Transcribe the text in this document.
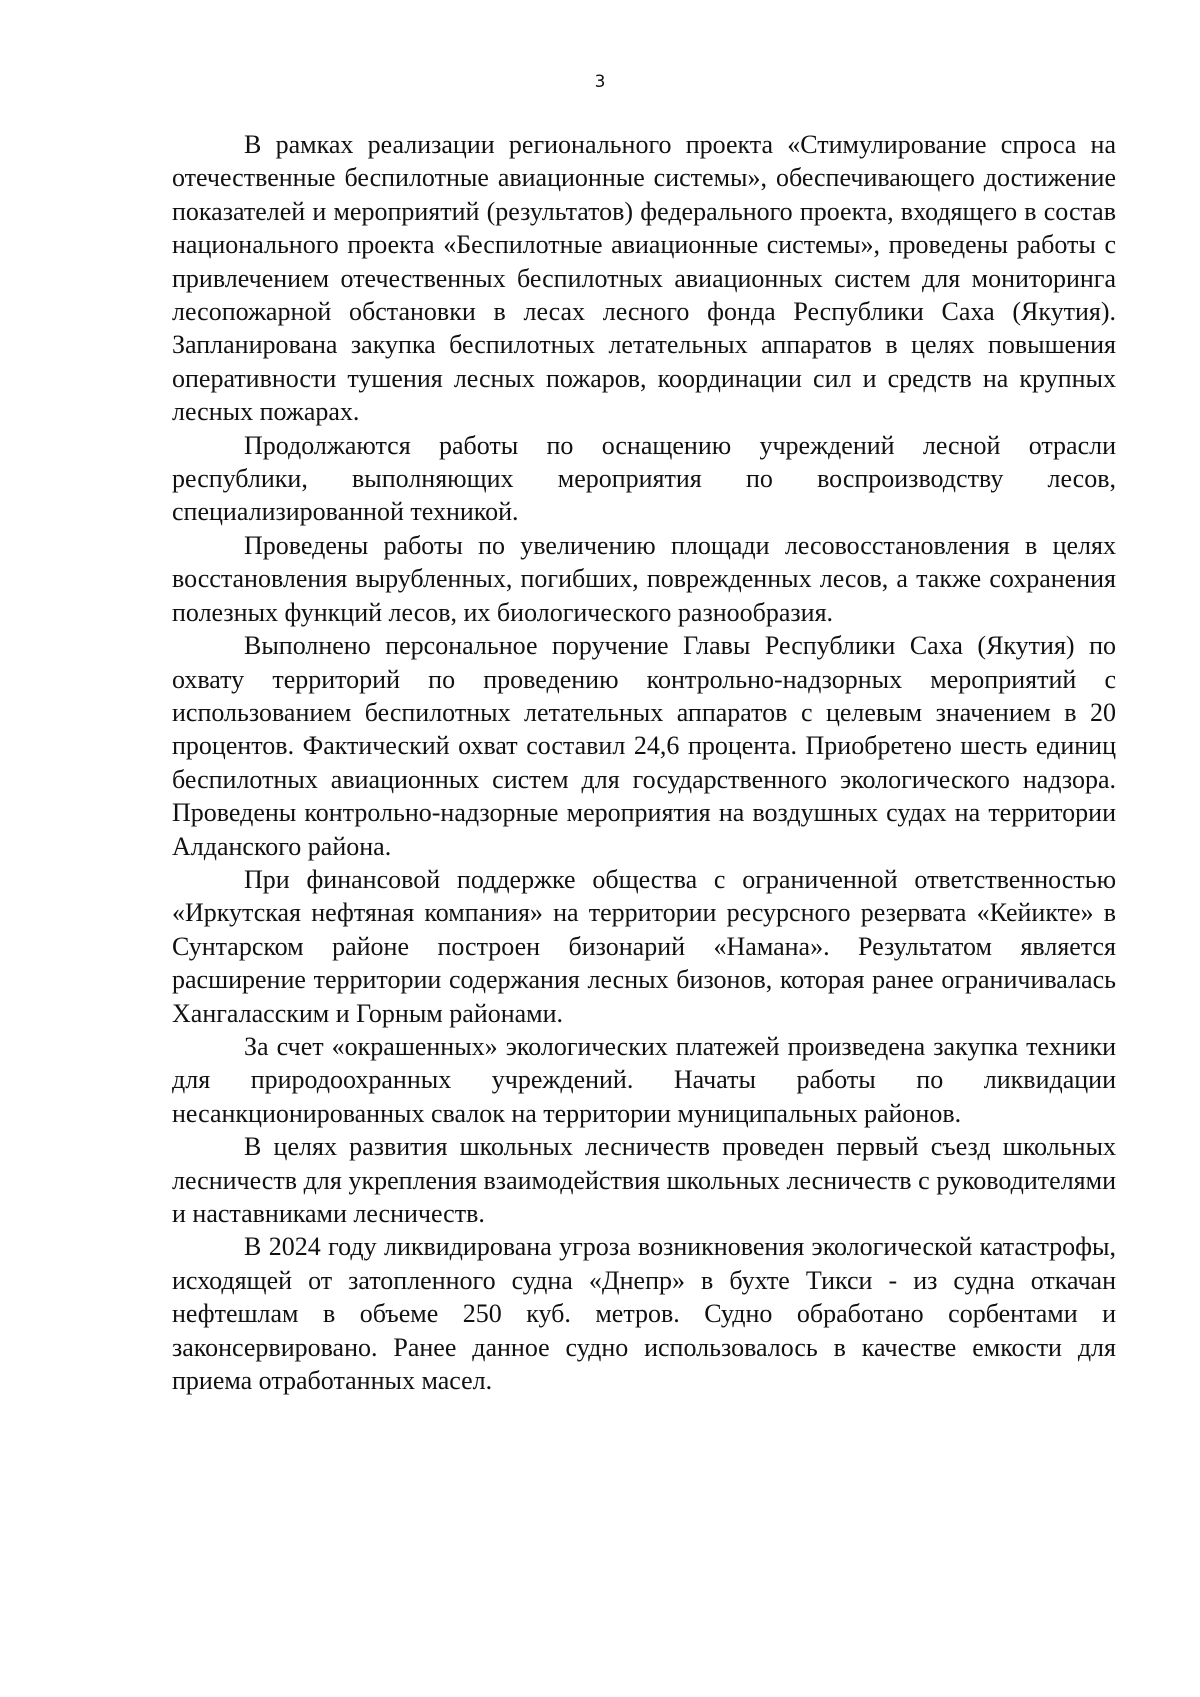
3

В рамках реализации регионального проекта «Стимулирование спроса на отечественные беспилотные авиационные системы», обеспечивающего достижение показателей и мероприятий (результатов) федерального проекта, входящего в состав национального проекта «Беспилотные авиационные системы», проведены работы с привлечением отечественных беспилотных авиационных систем для мониторинга лесопожарной обстановки в лесах лесного фонда Республики Саха (Якутия). Запланирована закупка беспилотных летательных аппаратов в целях повышения оперативности тушения лесных пожаров, координации сил и средств на крупных лесных пожарах.

Продолжаются работы по оснащению учреждений лесной отрасли республики, выполняющих мероприятия по воспроизводству лесов, специализированной техникой.

Проведены работы по увеличению площади лесовосстановления в целях восстановления вырубленных, погибших, поврежденных лесов, а также сохранения полезных функций лесов, их биологического разнообразия.

Выполнено персональное поручение Главы Республики Саха (Якутия) по охвату территорий по проведению контрольно-надзорных мероприятий с использованием беспилотных летательных аппаратов с целевым значением в 20 процентов. Фактический охват составил 24,6 процента. Приобретено шесть единиц беспилотных авиационных систем для государственного экологического надзора. Проведены контрольно-надзорные мероприятия на воздушных судах на территории Алданского района.

При финансовой поддержке общества с ограниченной ответственностью «Иркутская нефтяная компания» на территории ресурсного резервата «Кейикте» в Сунтарском районе построен бизонарий «Намана». Результатом является расширение территории содержания лесных бизонов, которая ранее ограничивалась Хангаласским и Горным районами.

За счет «окрашенных» экологических платежей произведена закупка техники для природоохранных учреждений. Начаты работы по ликвидации несанкционированных свалок на территории муниципальных районов.

В целях развития школьных лесничеств проведен первый съезд школьных лесничеств для укрепления взаимодействия школьных лесничеств с руководителями и наставниками лесничеств.

В 2024 году ликвидирована угроза возникновения экологической катастрофы, исходящей от затопленного судна «Днепр» в бухте Тикси - из судна откачан нефтешлам в объеме 250 куб. метров. Судно обработано сорбентами и законсервировано. Ранее данное судно использовалось в качестве емкости для приема отработанных масел.
